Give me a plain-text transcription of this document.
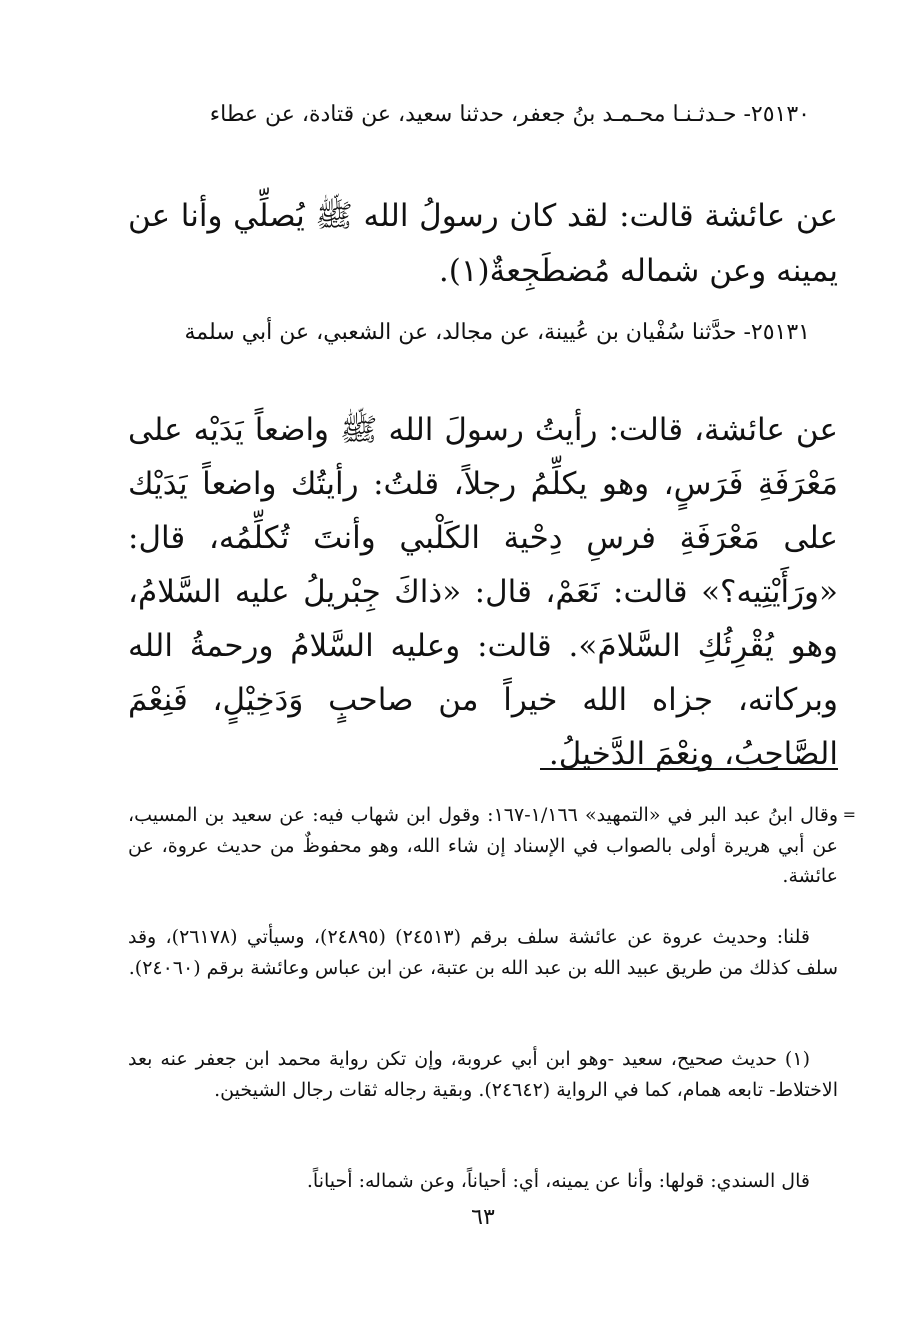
٢٥١٣٠- حـدثـنـا محـمـد بنُ جعفر، حدثنا سعيد، عن قتادة، عن عطاء

عن عائشة قالت: لقد كان رسولُ الله ﷺ يُصلِّي وأنا عن يمينه وعن شماله مُضطَجِعةٌ(١).

٢٥١٣١- حدَّثنا سُفْيان بن عُيينة، عن مجالد، عن الشعبي، عن أبي سلمة

عن عائشة، قالت: رأيتُ رسولَ الله ﷺ واضعاً يَدَيْه على مَعْرَفَةِ فَرَسٍ، وهو يكلِّمُ رجلاً، قلتُ: رأيتُك واضعاً يَدَيْك على مَعْرَفَةِ فرسِ دِحْية الكَلْبي وأنتَ تُكلِّمُه، قال: «ورَأَيْتِيه؟» قالت: نَعَمْ، قال: «ذاكَ جِبْريلُ عليه السَّلامُ، وهو يُقْرِئُكِ السَّلامَ». قالت: وعليه السَّلامُ ورحمةُ الله وبركاته، جزاه الله خيراً من صاحبٍ وَدَخِيْلٍ، فَنِعْمَ الصَّاحِبُ، ونِعْمَ الدَّخيلُ.

=
وقال ابنُ عبد البر في «التمهيد» ١/١٦٦-١٦٧: وقول ابن شهاب فيه: عن سعيد بن المسيب، عن أبي هريرة أولى بالصواب في الإسناد إن شاء الله، وهو محفوظٌ من حديث عروة، عن عائشة.

قلنا: وحديث عروة عن عائشة سلف برقم (٢٤٥١٣) (٢٤٨٩٥)، وسيأتي (٢٦١٧٨)، وقد سلف كذلك من طريق عبيد الله بن عبد الله بن عتبة، عن ابن عباس وعائشة برقم (٢٤٠٦٠).

(١) حديث صحيح، سعيد -وهو ابن أبي عروبة، وإن تكن رواية محمد ابن جعفر عنه بعد الاختلاط- تابعه همام، كما في الرواية (٢٤٦٤٢). وبقية رجاله ثقات رجال الشيخين.

قال السندي: قولها: وأنا عن يمينه، أي: أحياناً، وعن شماله: أحياناً.

٦٣
